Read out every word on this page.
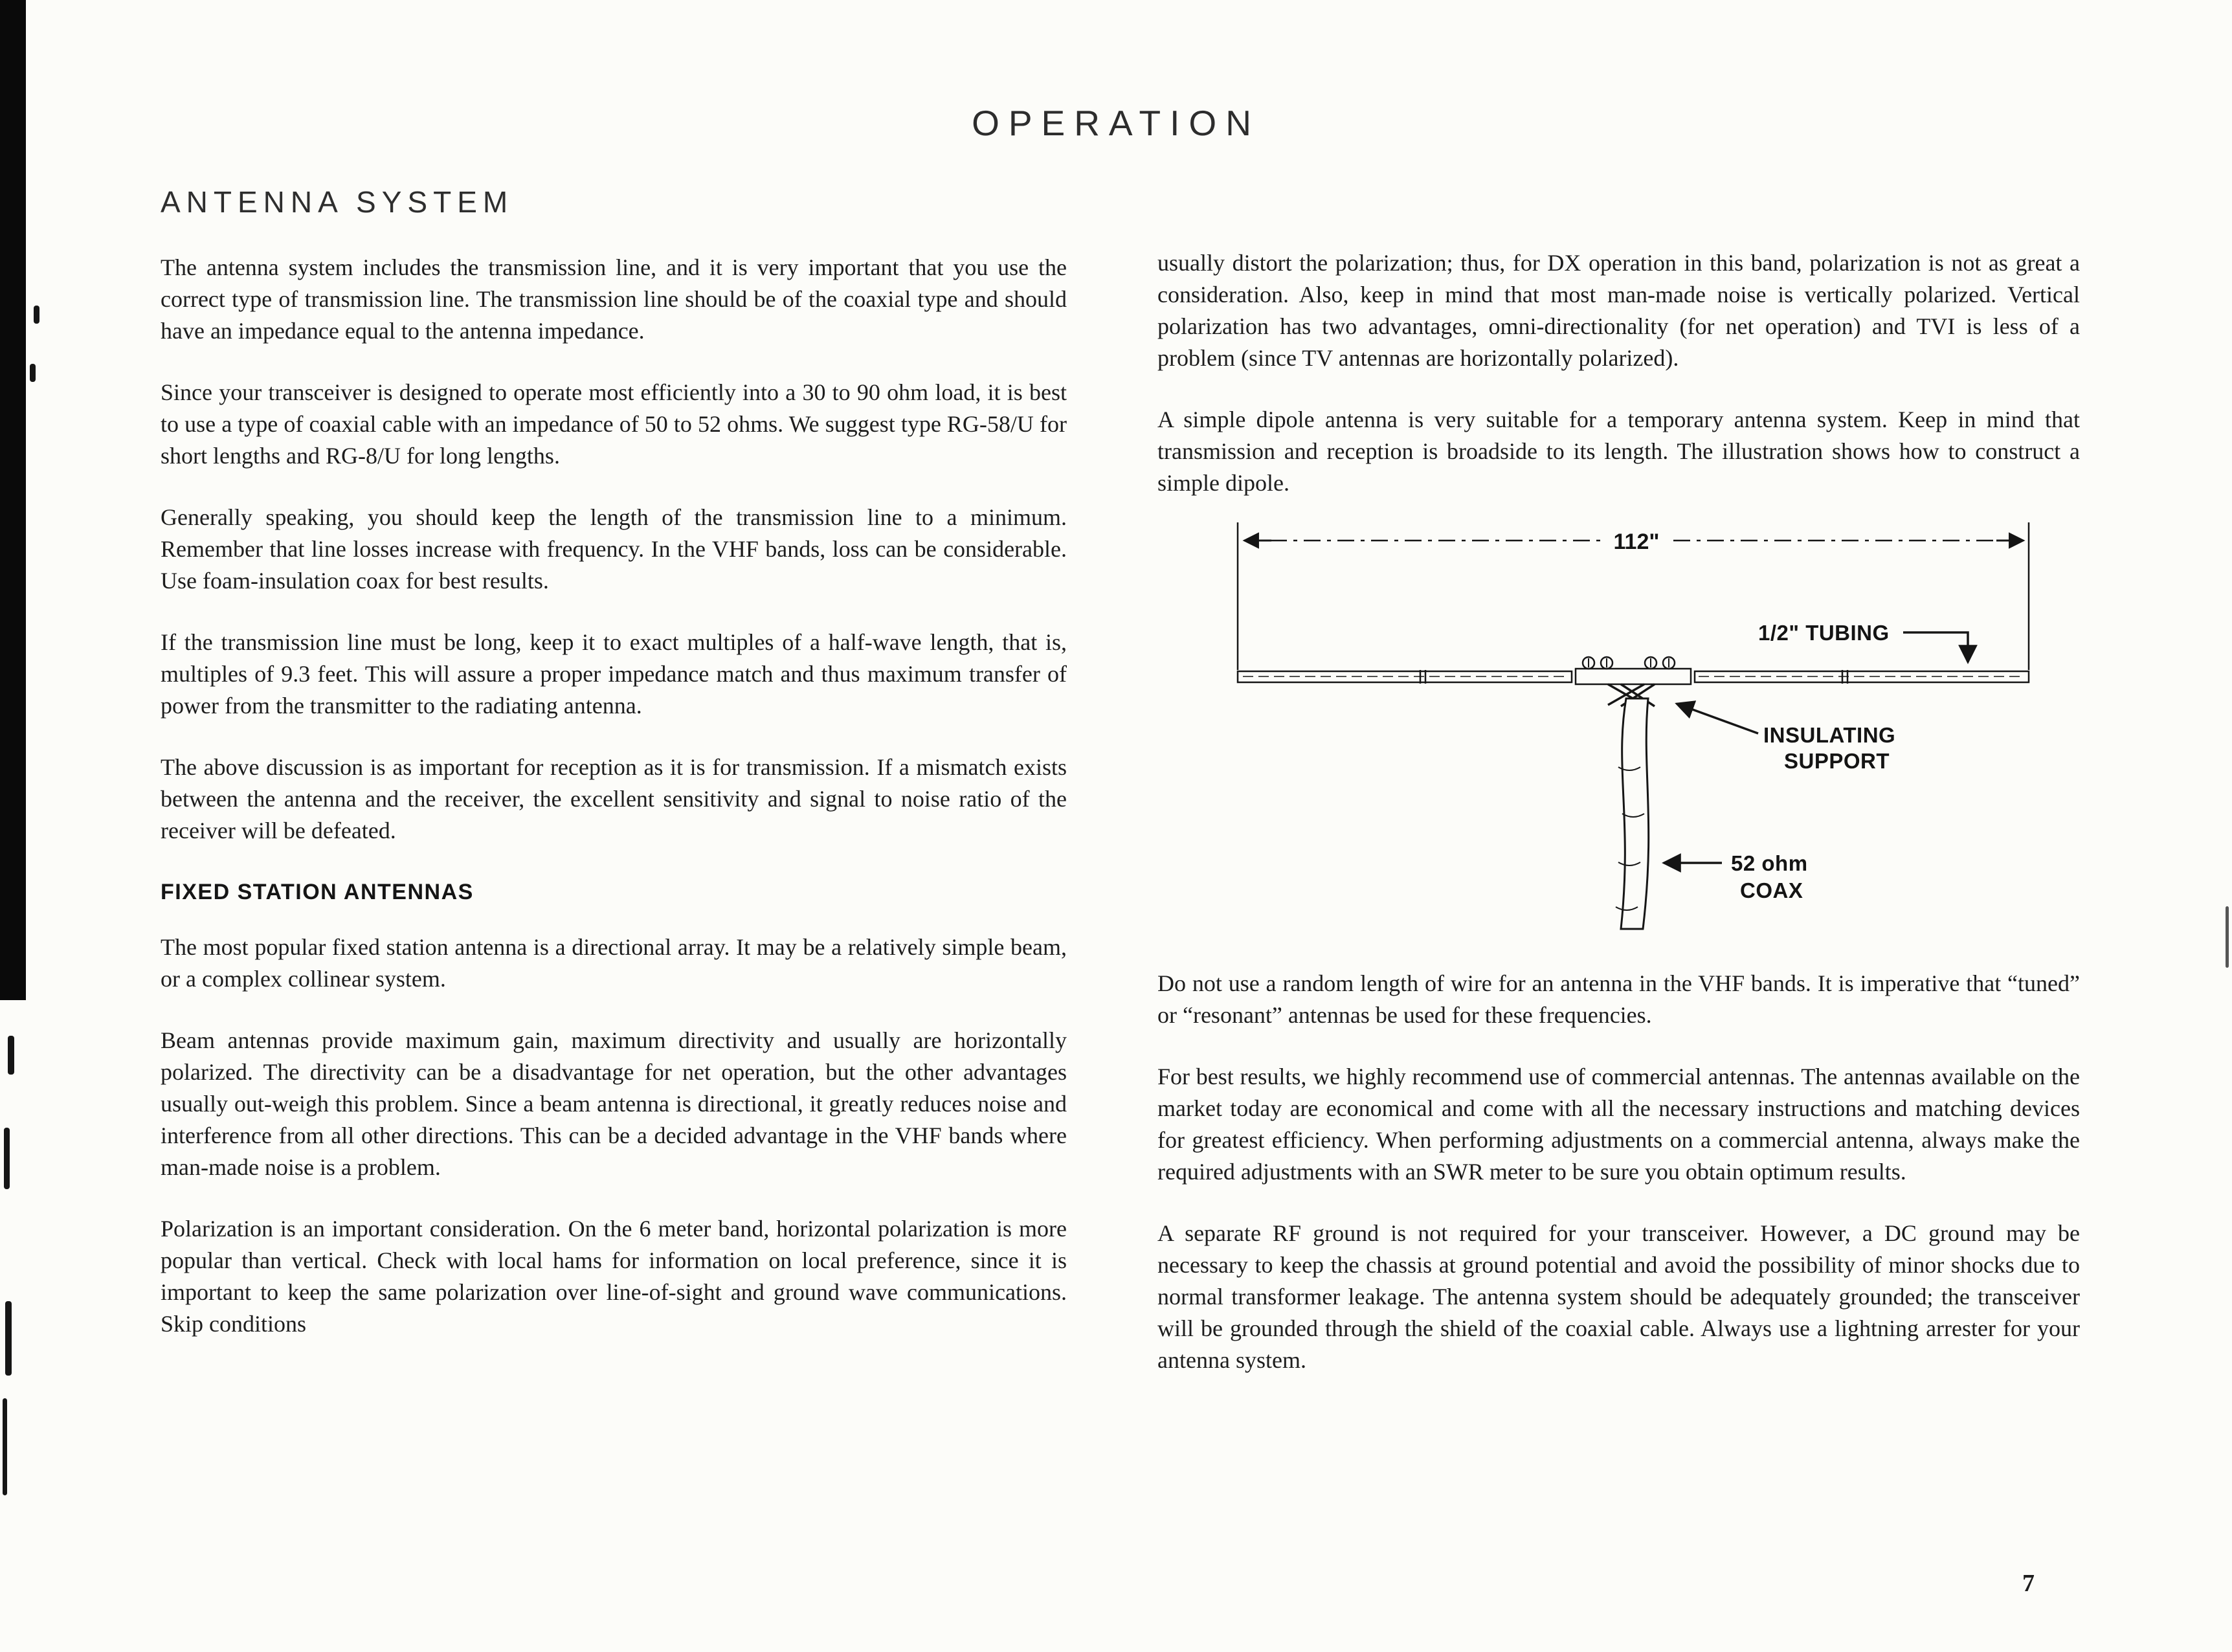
OPERATION
ANTENNA SYSTEM

The antenna system includes the transmission line, and it is very important that you use the correct type of transmission line. The transmission line should be of the coaxial type and should have an impedance equal to the antenna impedance.

Since your transceiver is designed to operate most efficiently into a 30 to 90 ohm load, it is best to use a type of coaxial cable with an impedance of 50 to 52 ohms. We suggest type RG-58/U for short lengths and RG-8/U for long lengths.

Generally speaking, you should keep the length of the transmission line to a minimum. Remember that line losses increase with frequency. In the VHF bands, loss can be considerable. Use foam-insulation coax for best results.

If the transmission line must be long, keep it to exact multiples of a half-wave length, that is, multiples of 9.3 feet. This will assure a proper impedance match and thus maximum transfer of power from the transmitter to the radiating antenna.

The above discussion is as important for reception as it is for transmission. If a mismatch exists between the antenna and the receiver, the excellent sensitivity and signal to noise ratio of the receiver will be defeated.

FIXED STATION ANTENNAS

The most popular fixed station antenna is a directional array. It may be a relatively simple beam, or a complex collinear system.

Beam antennas provide maximum gain, maximum directivity and usually are horizontally polarized. The directivity can be a disadvantage for net operation, but the other advantages usually out-weigh this problem. Since a beam antenna is directional, it greatly reduces noise and interference from all other directions. This can be a decided advantage in the VHF bands where man-made noise is a problem.

Polarization is an important consideration. On the 6 meter band, horizontal polarization is more popular than vertical. Check with local hams for information on local preference, since it is important to keep the same polarization over line-of-sight and ground wave communications. Skip conditions

usually distort the polarization; thus, for DX operation in this band, polarization is not as great a consideration. Also, keep in mind that most man-made noise is vertically polarized. Vertical polarization has two advantages, omni-directionality (for net operation) and TVI is less of a problem (since TV antennas are horizontally polarized).

A simple dipole antenna is very suitable for a temporary antenna system. Keep in mind that transmission and reception is broadside to its length. The illustration shows how to construct a simple dipole.

112"
1/2" TUBING
INSULATING
SUPPORT
52 ohm
COAX

Do not use a random length of wire for an antenna in the VHF bands. It is imperative that “tuned” or “resonant” antennas be used for these frequencies.

For best results, we highly recommend use of commercial antennas. The antennas available on the market today are economical and come with all the necessary instructions and matching devices for greatest efficiency. When performing adjustments on a commercial antenna, always make the required adjustments with an SWR meter to be sure you obtain optimum results.

A separate RF ground is not required for your transceiver. However, a DC ground may be necessary to keep the chassis at ground potential and avoid the possibility of minor shocks due to normal transformer leakage. The antenna system should be adequately grounded; the transceiver will be grounded through the shield of the coaxial cable. Always use a lightning arrester for your antenna system.

7
